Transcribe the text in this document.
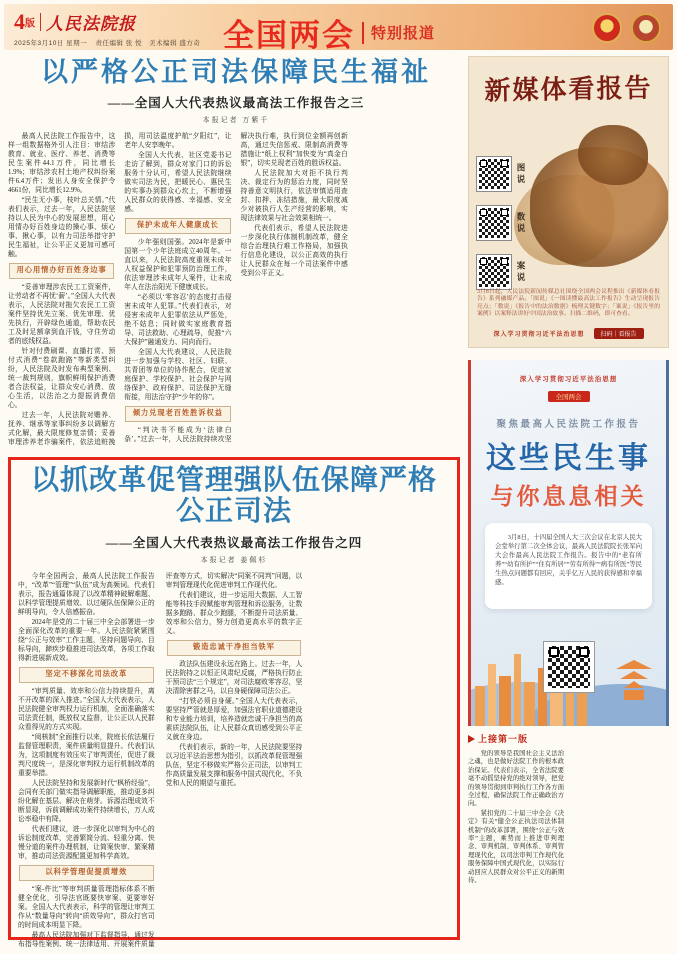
4版 人民法院报
2025年3月10日 星期一 责任编辑 张 悦　美术编辑 盛方奇 全国两会 特别报道
以严格公正司法保障民生福祉
——全国人大代表热议最高法工作报告之三
本报记者 万紫千
最高人民法院工作报告中，这样一组数据格外引人注目：审结涉教育、就业、医疗、养老、消费等民生案件44.1万件，同比增长1.9%；审结涉农村土地产权纠纷案件6.4万件；发出人身安全保护令4661份，同比增长12.9%。
“民生无小事，枝叶总关情。”代表们表示，过去一年，人民法院坚持以人民为中心的发展思想，用心用情办好百姓身边的操心事、烦心事、揪心事，以有力司法举措守护民生福祉，让公平正义更加可感可触。
用心用情办好百姓身边事
“妥善审理涉农民工工资案件，让劳动者不再忧‘薪’。”全国人大代表表示，人民法院对拖欠农民工工资案件坚持优先立案、优先审理、优先执行，开辟绿色通道，帮助农民工及时足额拿到血汗钱，守住劳动者的底线权益。
针对付费刷课、直播打赏、预付式消费“卷款跑路”等新类型纠纷，人民法院及时发布典型案例、统一裁判规则，旗帜鲜明保护消费者合法权益，让群众安心消费、放心生活，以法治之力提振消费信心。
过去一年，人民法院对赡养、抚养、继承等家事纠纷多以调解方式化解，最大限度修复亲情；妥善审理涉养老诈骗案件，依法追赃挽损，用司法温度护航“夕阳红”，让老年人安享晚年。
全国人大代表、社区党委书记走访了解到，群众对家门口的诉讼服务十分认可，希望人民法院继续做实司法为民，把暖民心、惠民生的实事办到群众心坎上，不断增强人民群众的获得感、幸福感、安全感。
保护未成年人健康成长
少年强则国强。2024年是新中国第一个少年法庭成立40周年。一直以来，人民法院高度重视未成年人权益保护和犯罪预防治理工作，依法审理涉未成年人案件，让未成年人在法治阳光下健康成长。
“必须以‘零容忍’的态度打击侵害未成年人犯罪。”代表们表示，对侵害未成年人犯罪依法从严惩处，绝不姑息；同时做实家庭教育指导、司法救助、心理疏导，促推“六大保护”融通发力、同向而行。
全国人大代表建议，人民法院进一步加强与学校、社区、妇联、共青团等单位的协作配合，促进家庭保护、学校保护、社会保护与网络保护、政府保护、司法保护无缝衔接，用法治守护“少年的你”。
倾力兑现老百姓胜诉权益
“判决书不能成为‘法律白条’。”过去一年，人民法院持续攻坚解决执行难，执行到位金额再创新高，通过失信惩戒、限制高消费等措施让“纸上权利”加快变为“真金白银”，切实兑现老百姓的胜诉权益。
人民法院加大对拒不执行判决、裁定行为的惩治力度，同时坚持善意文明执行，依法审慎适用查封、扣押、冻结措施，最大限度减少对被执行人生产经营的影响，实现法律效果与社会效果相统一。
代表们表示，希望人民法院进一步深化执行体制机制改革，健全综合治理执行难工作格局，加强执行信息化建设，以公正高效的执行让人民群众在每一个司法案件中感受到公平正义。
以抓改革促管理强队伍保障严格公正司法
——全国人大代表热议最高法工作报告之四
本报记者 姜佩杉
今年全国两会，最高人民法院工作报告中，“改革”“管理”“队伍”成为高频词。代表们表示，报告通篇体现了以改革精神破解难题、以科学管理提质增效、以过硬队伍保障公正的鲜明导向，令人倍感振奋。
2024年是党的二十届三中全会部署进一步全面深化改革的重要一年。人民法院紧紧围绕“公正与效率”工作主题，坚持问题导向、目标导向，蹄疾步稳推进司法改革，各项工作取得新进展新成效。
坚定不移深化司法改革
“审判质量、效率和公信力持续提升，离不开改革的深入推进。”全国人大代表表示，人民法院健全审判权力运行机制，全面准确落实司法责任制，既放权又监督，让公正以人民群众看得见的方式实现。
“阅核制”全面推行以来，院庭长依法履行监督管理职责，案件质量明显提升。代表们认为，这项制度有效压实了审判责任，促进了裁判尺度统一，是深化审判权力运行机制改革的重要举措。
人民法院坚持和发展新时代“枫桥经验”，会同有关部门做实指导调解职能，推动更多纠纷化解在基层、解决在萌芽。诉源治理成效不断显现，诉前调解成功案件持续增长，万人成讼率稳中有降。
代表们建议，进一步深化以审判为中心的诉讼制度改革，完善繁简分流、轻重分离、快慢分道的案件办理机制，让简案快审、繁案精审，推动司法资源配置更加科学高效。
以科学管理促提质增效
“案-件比”等审判质量管理指标体系不断健全优化，引导法官既要快审案、更要审好案。全国人大代表表示，科学的管理让审判工作从“数量导向”转向“质效导向”，群众打官司的时间成本明显下降。
最高人民法院加强对下监督指导，通过发布指导性案例、统一法律适用、开展案件质量评查等方式，切实解决“同案不同判”问题，以审判管理现代化促进审判工作现代化。
代表们建议，进一步运用大数据、人工智能等科技手段赋能审判管理和诉讼服务，让数据多跑路、群众少跑腿，不断提升司法质量、效率和公信力，努力创造更高水平的数字正义。
锻造忠诚干净担当铁军
政法队伍建设永远在路上。过去一年，人民法院持之以恒正风肃纪反腐，严格执行防止干预司法“三个规定”，对司法腐败零容忍，坚决清除害群之马，以自身硬保障司法公正。
“打铁必须自身硬。”全国人大代表表示，要坚持严管就是厚爱，加强法官职业道德建设和专业能力培训，培养造就忠诚干净担当的高素质法院队伍，让人民群众真切感受到公平正义就在身边。
代表们表示，新的一年，人民法院要坚持以习近平法治思想为指引，以抓改革促管理强队伍，坚定不移做实严格公正司法，以审判工作高质量发展支撑和服务中国式现代化，不负党和人民的期望与重托。
新媒体看报告
图说
数说
案说
3月8日起，人民法院新闻传媒总社围绕全国两会议程推出《新媒体看报告》系列融媒产品。「图说」《一图读懂最高法工作报告》生动呈现报告亮点；「数说」《报告中的法治数据》梳理关键数字；「案说」《报告里的案例》以案释法讲好中国法治故事。扫描二维码，即可查看。
深入学习贯彻习近平法治思想	扫码｜看报告
深入学习贯彻习近平法治思想
全国两会
聚焦最高人民法院工作报告
这些民生事
与你息息相关
3月8日，十四届全国人大三次会议在北京人民大会堂举行第二次全体会议，最高人民法院院长张军向大会作最高人民法院工作报告。报告中的“老有所养”“幼有所护”“住有所居”“劳有所得”“病有所医”等民生热点问题都有回应，关乎亿万人民的获得感和幸福感。
上接第一版
党的领导是我国社会主义法治之魂，也是做好法院工作的根本政治保证。代表们表示，全省法院要毫不动摇坚持党的绝对领导，把党的领导贯彻到审判执行工作各方面全过程，确保法院工作正确政治方向。
紧扣党的二十届三中全会《决定》有关“健全公正执法司法体制机制”的改革部署，围绕“公正与效率”主题，乘势而上推进审判理念、审判机制、审判体系、审判管理现代化，以司法审判工作现代化服务保障中国式现代化，以实际行动回应人民群众对公平正义的新期待。
